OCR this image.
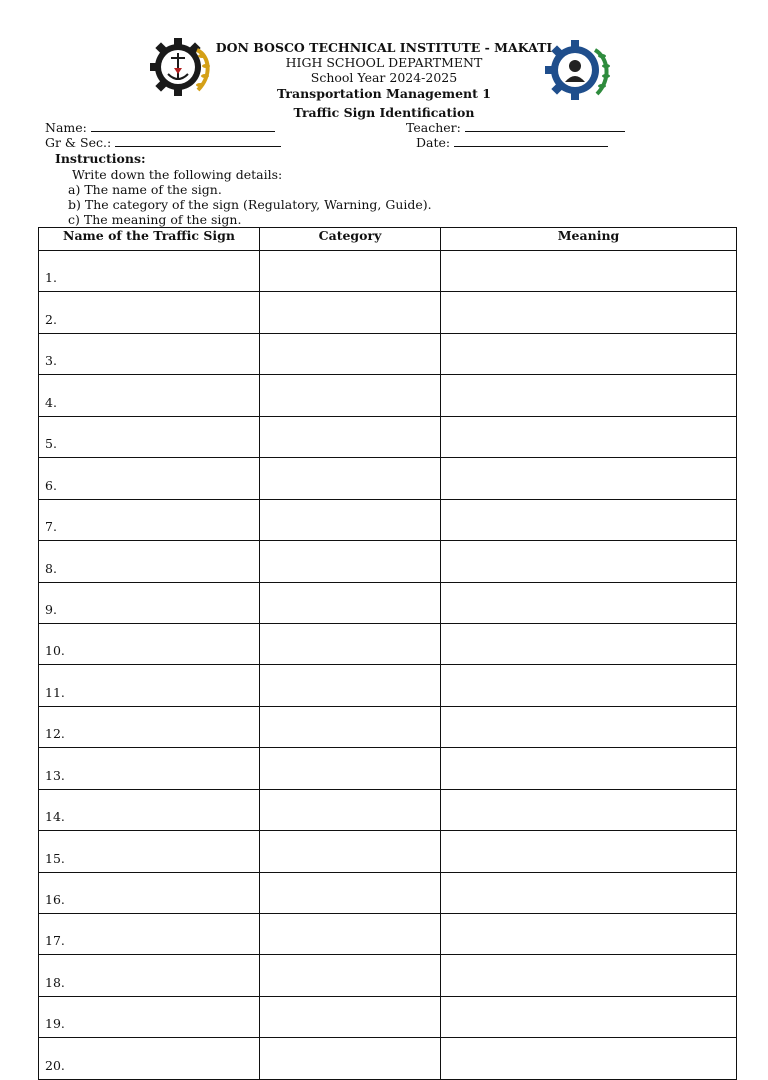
DON BOSCO TECHNICAL INSTITUTE - MAKATI
HIGH SCHOOL DEPARTMENT
School Year 2024-2025
Transportation Management 1
Traffic Sign Identification
Name:	Teacher:
Gr & Sec.:	Date:
Instructions:
Write down the following details:
a) The name of the sign.
b) The category of the sign (Regulatory, Warning, Guide).
c) The meaning of the sign.
Name of the Traffic Sign	Category	Meaning
1.		
2.		
3.		
4.		
5.		
6.		
7.		
8.		
9.		
10.		
11.		
12.		
13.		
14.		
15.		
16.		
17.		
18.		
19.		
20.		
